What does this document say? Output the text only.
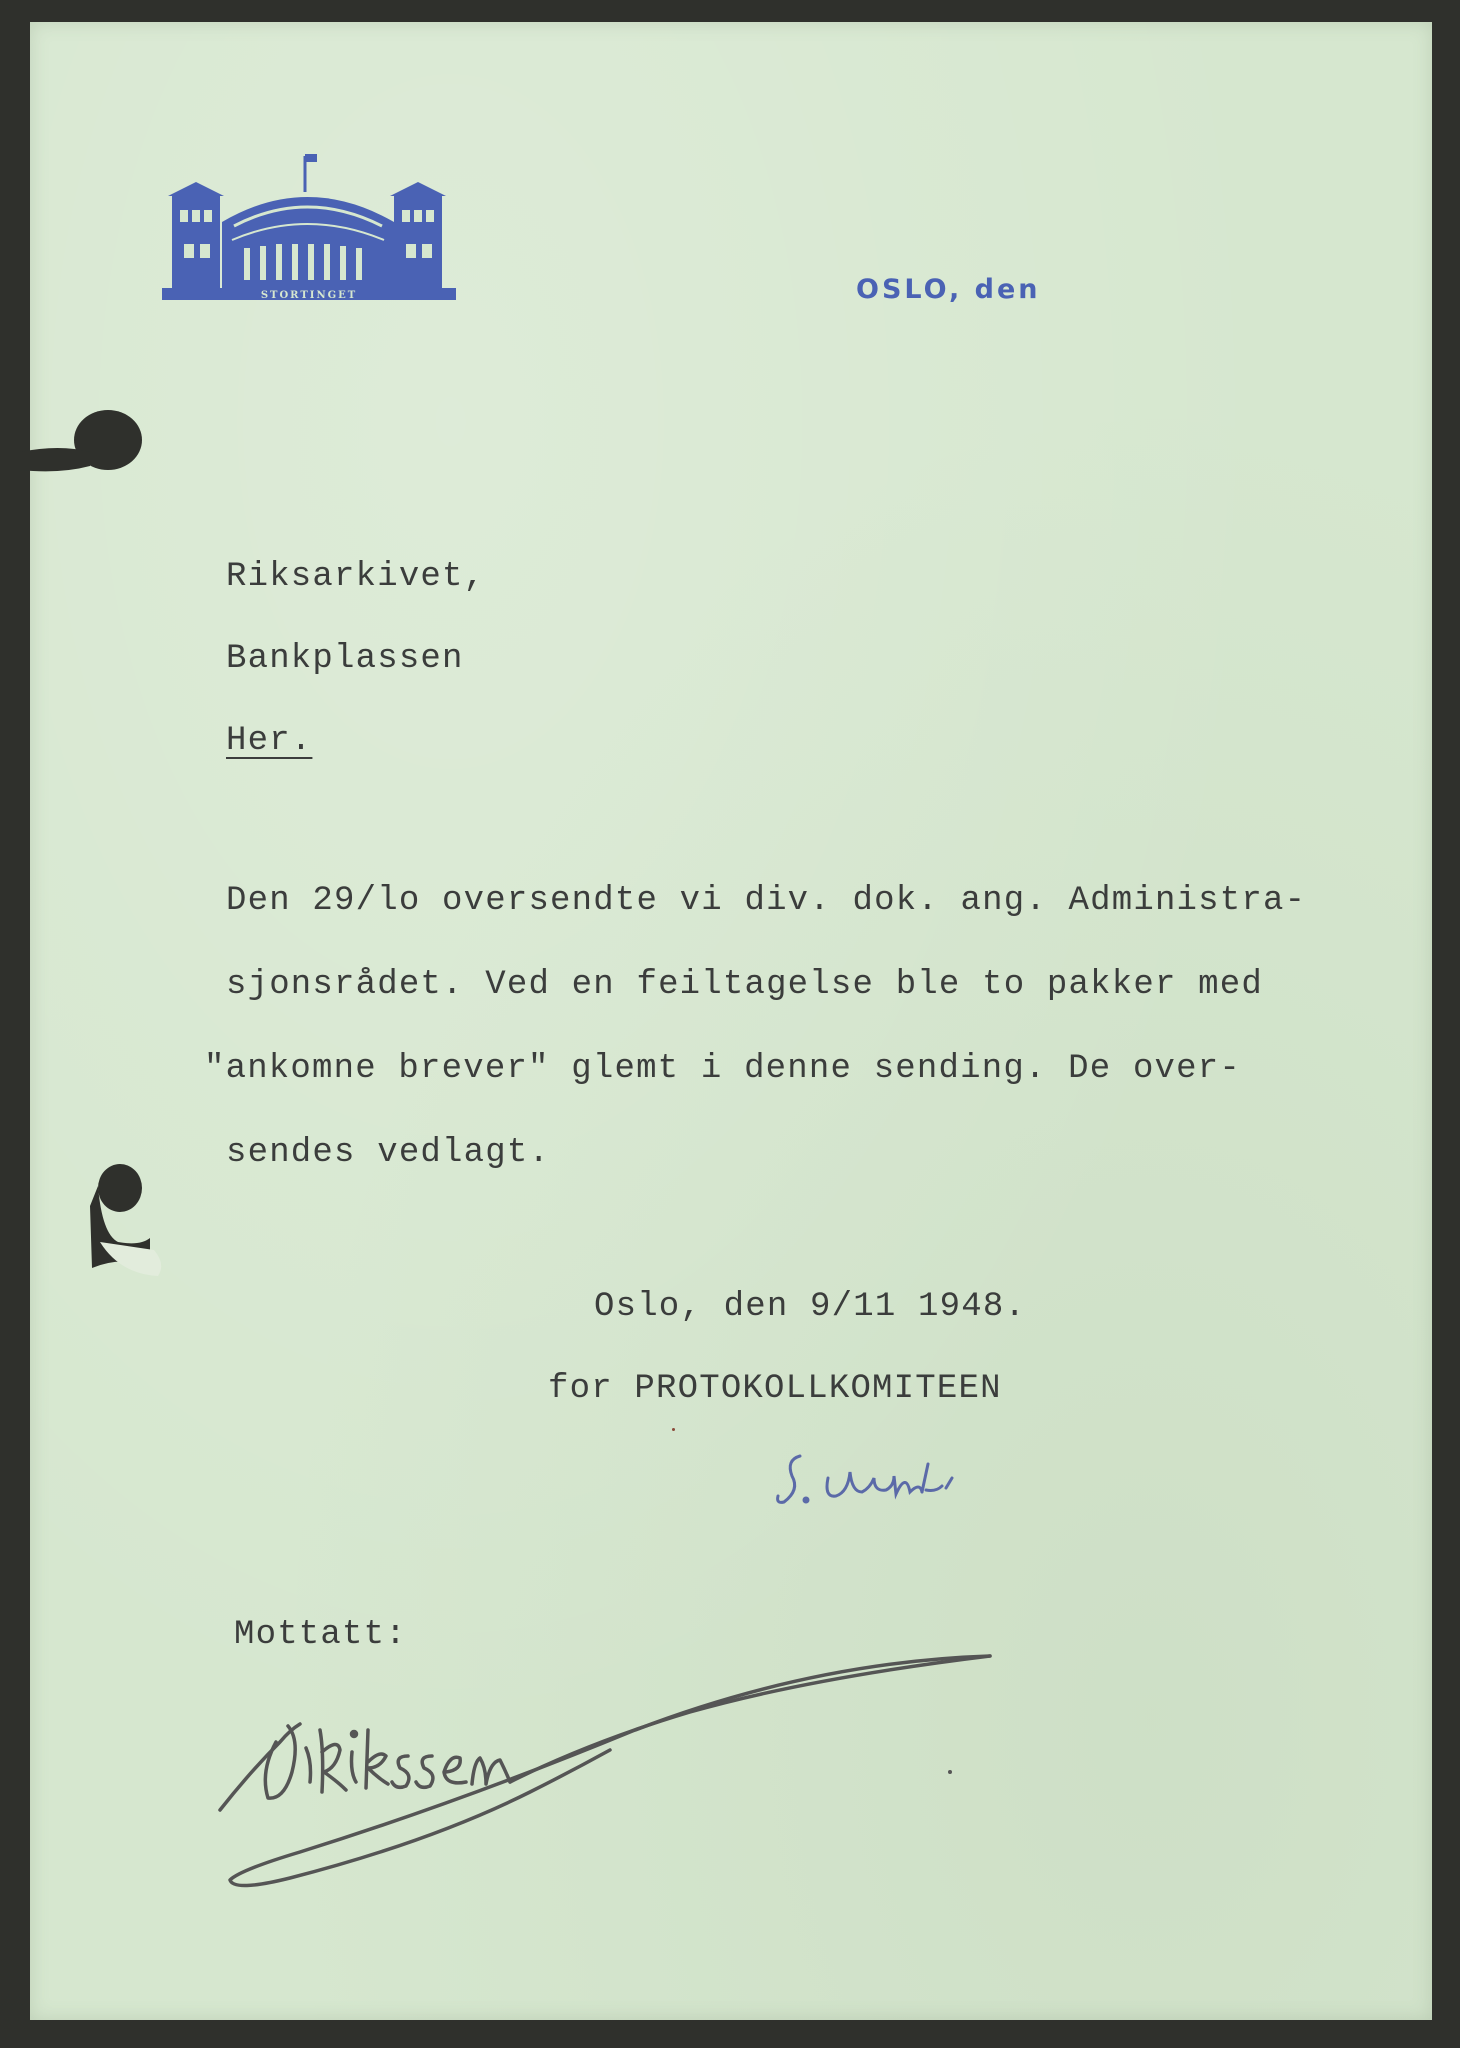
STORTINGET	OSLO, den
Riksarkivet,
Bankplassen
Her.
Den 29/lo oversendte vi div. dok. ang. Administra-
sjonsrådet. Ved en feiltagelse ble to pakker med
"ankomne brever" glemt i denne sending. De over-
sendes vedlagt.
Oslo, den 9/11 1948.
for PROTOKOLLKOMITEEN
Mottatt:
